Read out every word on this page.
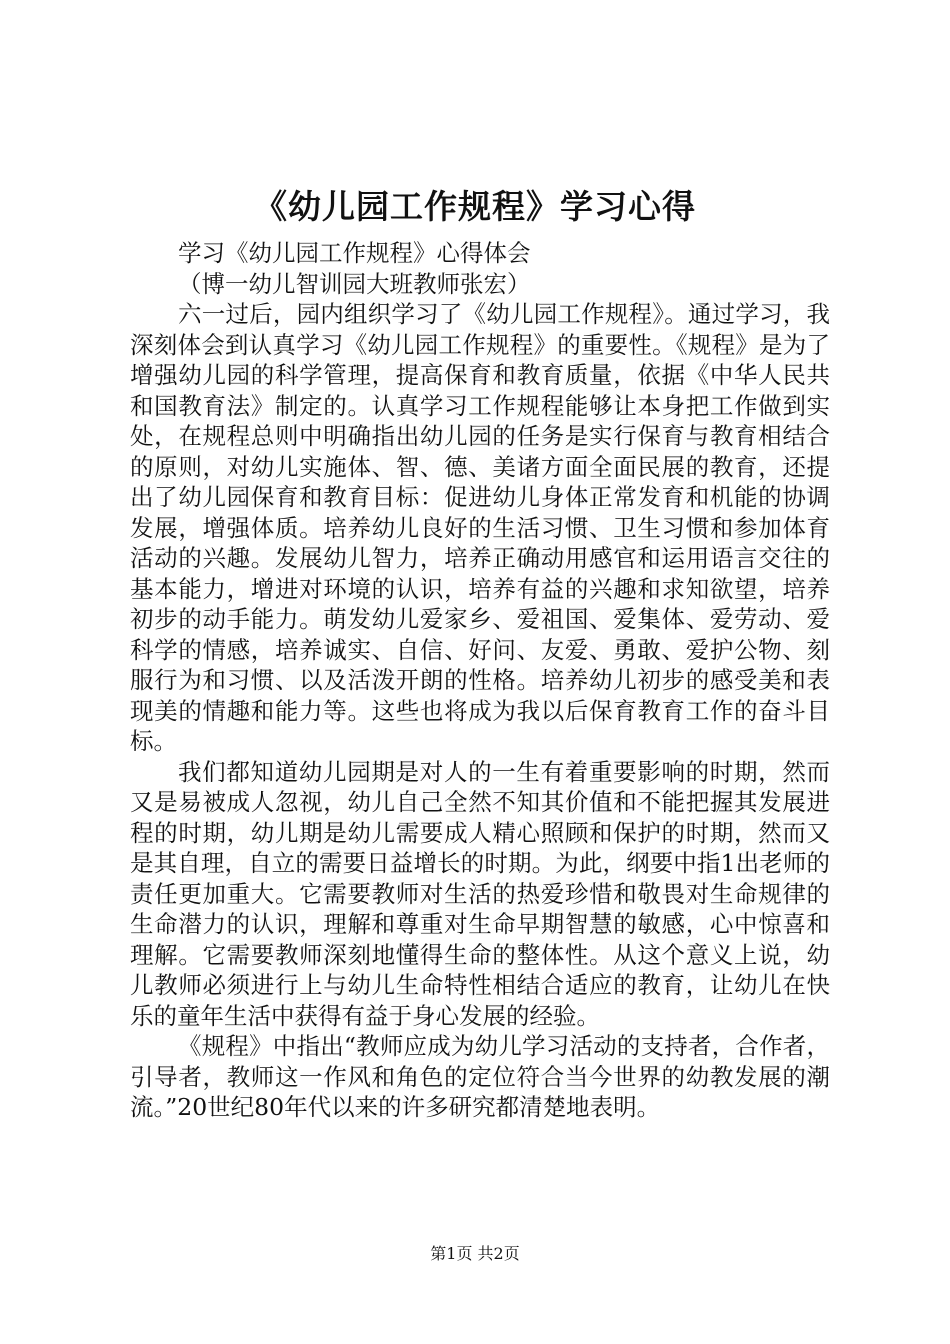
《幼儿园工作规程》学习心得

学习《幼儿园工作规程》心得体会

（博一幼儿智训园大班教师张宏）

六一过后，园内组织学习了《幼儿园工作规程》。通过学习，我深刻体会到认真学习《幼儿园工作规程》的重要性。《规程》是为了增强幼儿园的科学管理，提高保育和教育质量，依据《中华人民共和国教育法》制定的。认真学习工作规程能够让本身把工作做到实处，在规程总则中明确指出幼儿园的任务是实行保育与教育相结合的原则，对幼儿实施体、智、德、美诸方面全面民展的教育，还提出了幼儿园保育和教育目标：促进幼儿身体正常发育和机能的协调发展，增强体质。培养幼儿良好的生活习惯、卫生习惯和参加体育活动的兴趣。发展幼儿智力，培养正确动用感官和运用语言交往的基本能力，增进对环境的认识，培养有益的兴趣和求知欲望，培养初步的动手能力。萌发幼儿爱家乡、爱祖国、爱集体、爱劳动、爱科学的情感，培养诚实、自信、好问、友爱、勇敢、爱护公物、刻服行为和习惯、以及活泼开朗的性格。培养幼儿初步的感受美和表现美的情趣和能力等。这些也将成为我以后保育教育工作的奋斗目标。

我们都知道幼儿园期是对人的一生有着重要影响的时期，然而又是易被成人忽视，幼儿自己全然不知其价值和不能把握其发展进程的时期，幼儿期是幼儿需要成人精心照顾和保护的时期，然而又是其自理，自立的需要日益增长的时期。为此，纲要中指1出老师的责任更加重大。它需要教师对生活的热爱珍惜和敬畏对生命规律的生命潜力的认识，理解和尊重对生命早期智慧的敏感，心中惊喜和理解。它需要教师深刻地懂得生命的整体性。从这个意义上说，幼儿教师必须进行上与幼儿生命特性相结合适应的教育，让幼儿在快乐的童年生活中获得有益于身心发展的经验。

《规程》中指出“教师应成为幼儿学习活动的支持者，合作者，引导者，教师这一作风和角色的定位符合当今世界的幼教发展的潮流。”20世纪80年代以来的许多研究都清楚地表明。

第1页 共2页
